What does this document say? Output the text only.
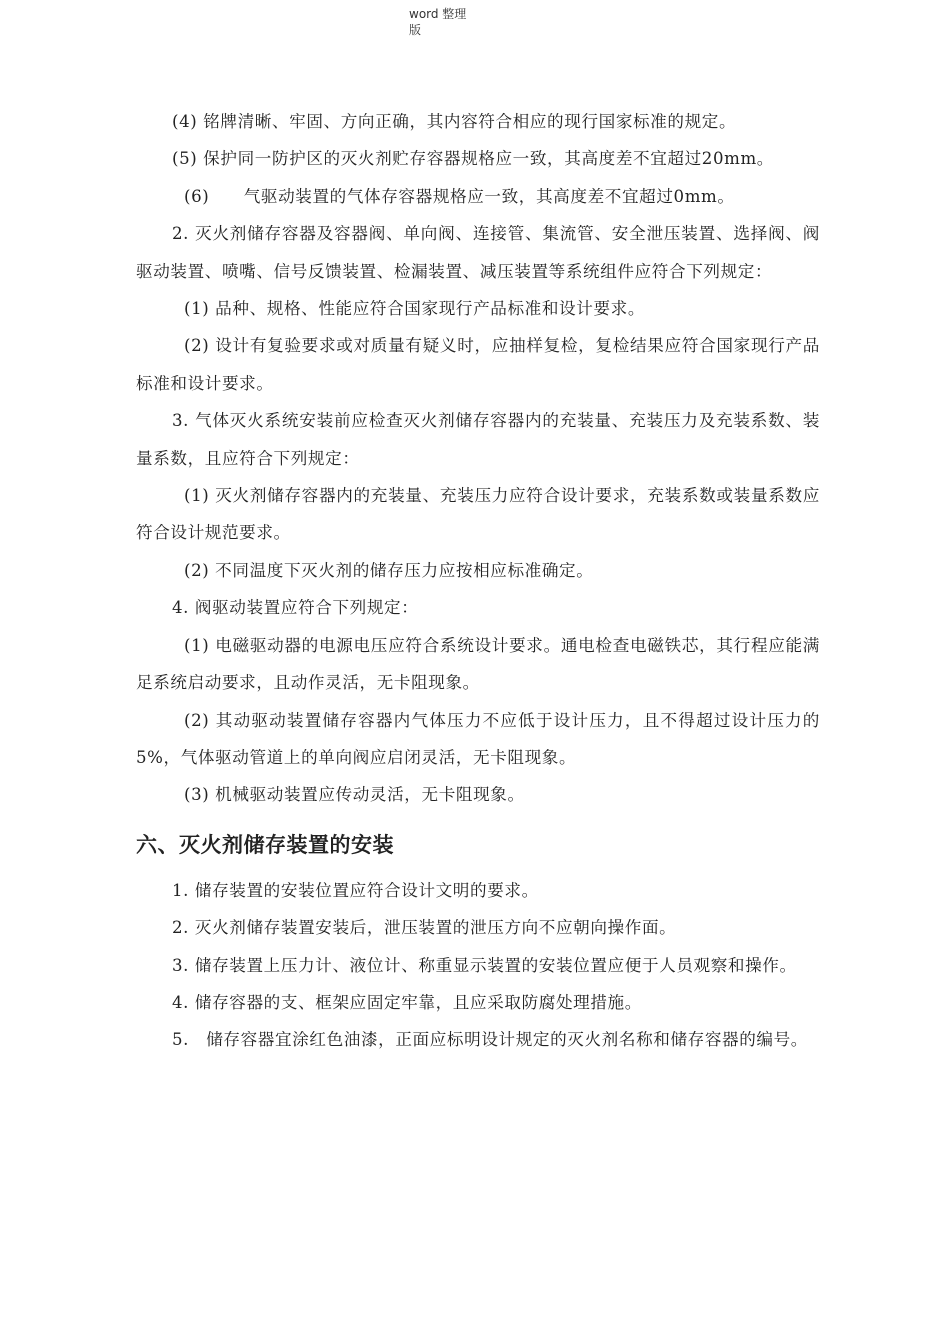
word 整理
版

(4) 铭牌清晰、牢固、方向正确，其内容符合相应的现行国家标准的规定。

(5) 保护同一防护区的灭火剂贮存容器规格应一致，其高度差不宜超过20mm。

(6)　　气驱动装置的气体存容器规格应一致，其高度差不宜超过0mm。

2. 灭火剂储存容器及容器阀、单向阀、连接管、集流管、安全泄压装置、选择阀、阀驱动装置、喷嘴、信号反馈装置、检漏装置、减压装置等系统组件应符合下列规定：

(1) 品种、规格、性能应符合国家现行产品标准和设计要求。

(2) 设计有复验要求或对质量有疑义时，应抽样复检，复检结果应符合国家现行产品标准和设计要求。

3. 气体灭火系统安装前应检查灭火剂储存容器内的充装量、充装压力及充装系数、装量系数，且应符合下列规定：

(1) 灭火剂储存容器内的充装量、充装压力应符合设计要求，充装系数或装量系数应符合设计规范要求。

(2) 不同温度下灭火剂的储存压力应按相应标准确定。

4. 阀驱动装置应符合下列规定：

(1) 电磁驱动器的电源电压应符合系统设计要求。通电检查电磁铁芯，其行程应能满足系统启动要求，且动作灵活，无卡阻现象。

(2) 其动驱动装置储存容器内气体压力不应低于设计压力，且不得超过设计压力的5%，气体驱动管道上的单向阀应启闭灵活，无卡阻现象。

(3) 机械驱动装置应传动灵活，无卡阻现象。

六、灭火剂储存装置的安装

1. 储存装置的安装位置应符合设计文明的要求。

2. 灭火剂储存装置安装后，泄压装置的泄压方向不应朝向操作面。

3. 储存装置上压力计、液位计、称重显示装置的安装位置应便于人员观察和操作。

4. 储存容器的支、框架应固定牢靠，且应采取防腐处理措施。

5.　储存容器宜涂红色油漆，正面应标明设计规定的灭火剂名称和储存容器的编号。
